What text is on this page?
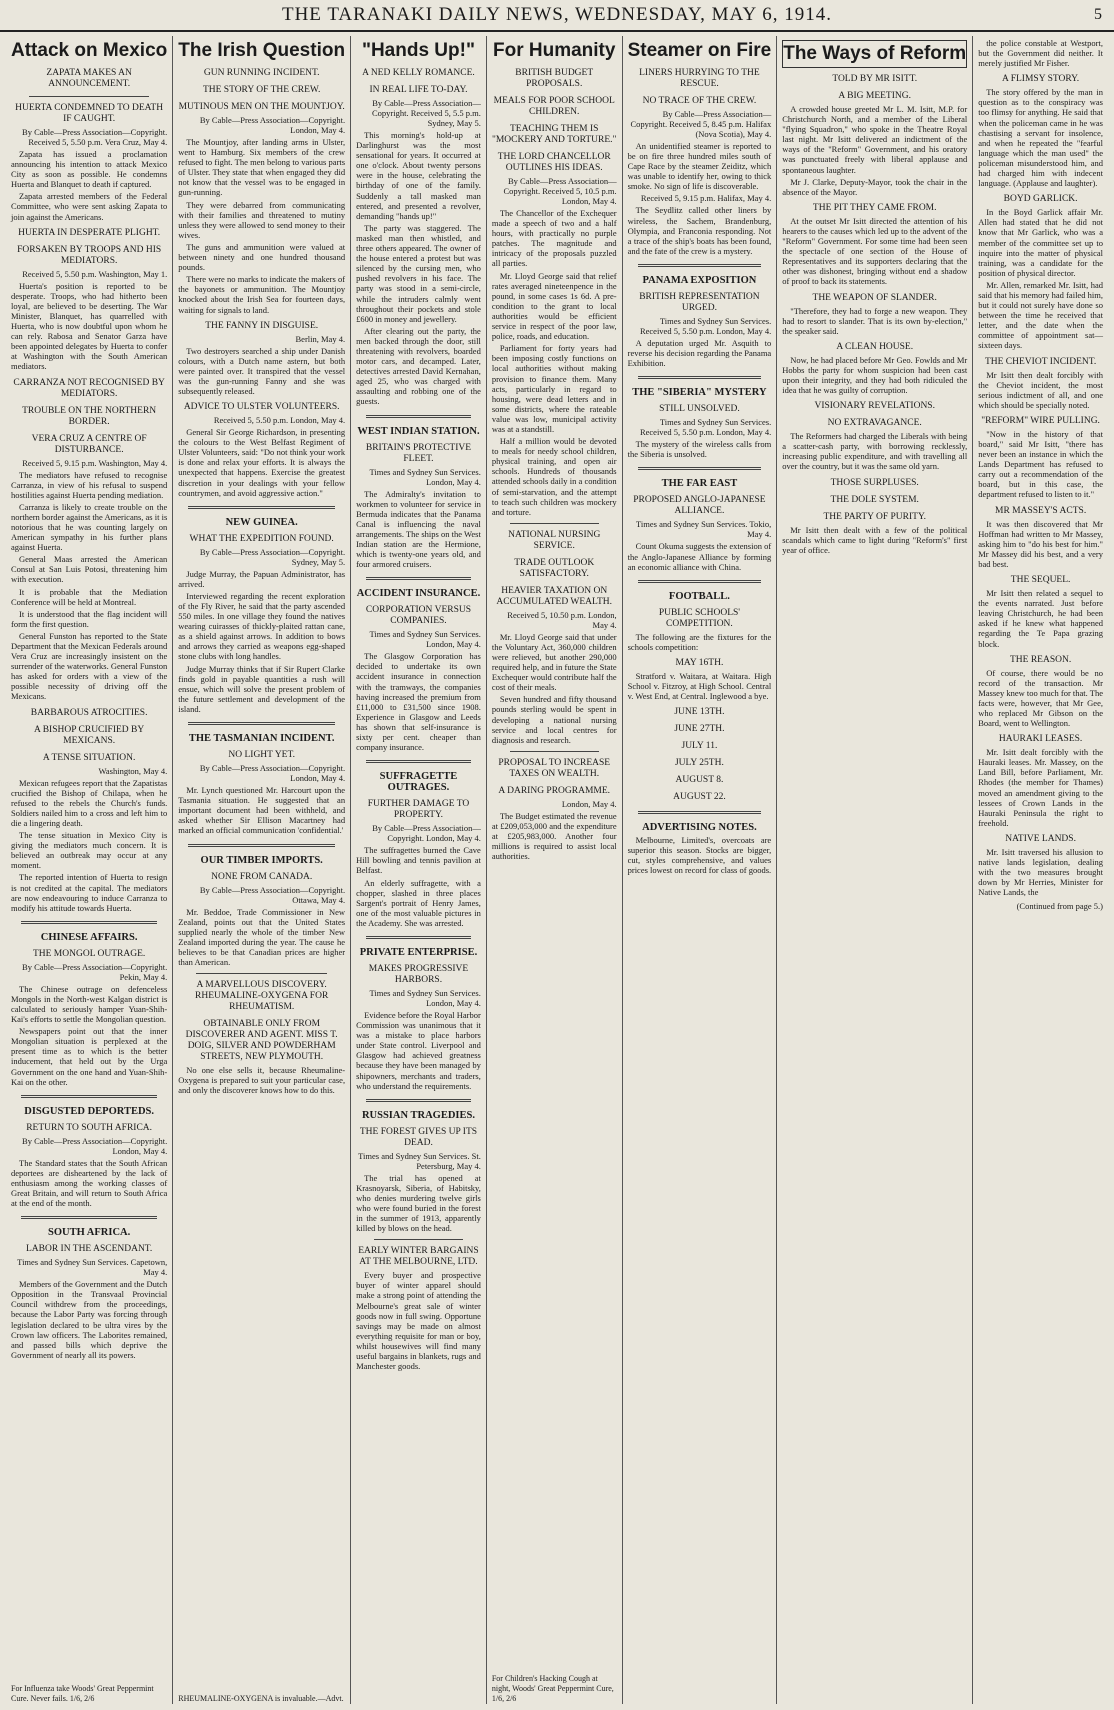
THE TARANAKI DAILY NEWS, WEDNESDAY, MAY 6, 1914.	5
Attack on Mexico
ZAPATA MAKES AN ANNOUNCEMENT.
HUERTA CONDEMNED TO DEATH IF CAUGHT.
By Cable—Press Association—Copyright. Received 5, 5.50 p.m. Vera Cruz, May 4.

Zapata has issued a proclamation announcing his intention to attack Mexico City as soon as possible. He condemns Huerta and Blanquet to death if captured.

Zapata arrested members of the Federal Committee, who were sent asking Zapata to join against the Americans.

HUERTA IN DESPERATE PLIGHT.
FORSAKEN BY TROOPS AND HIS MEDIATORS.
Received 5, 5.50 p.m. Washington, May 1.

Huerta's position is reported to be desperate. Troops, who had hitherto been loyal, are believed to be deserting. The War Minister, Blanquet, has quarrelled with Huerta, who is now doubtful upon whom he can rely. Rabosa and Senator Garza have been appointed delegates by Huerta to confer at Washington with the South American mediators.

CARRANZA NOT RECOGNISED BY MEDIATORS.
TROUBLE ON THE NORTHERN BORDER.
VERA CRUZ A CENTRE OF DISTURBANCE.
Received 5, 9.15 p.m. Washington, May 4.

The mediators have refused to recognise Carranza, in view of his refusal to suspend hostilities against Huerta pending mediation.

Carranza is likely to create trouble on the northern border against the Americans, as it is notorious that he was counting largely on American sympathy in his further plans against Huerta.

General Maas arrested the American Consul at San Luis Potosi, threatening him with execution.

It is probable that the Mediation Conference will be held at Montreal.

It is understood that the flag incident will form the first question.

General Funston has reported to the State Department that the Mexican Federals around Vera Cruz are increasingly insistent on the surrender of the waterworks. General Funston has asked for orders with a view of the possible necessity of driving off the Mexicans.

BARBAROUS ATROCITIES.
A BISHOP CRUCIFIED BY MEXICANS.
A TENSE SITUATION.
Washington, May 4.

Mexican refugees report that the Zapatistas crucified the Bishop of Chilapa, when he refused to the rebels the Church's funds. Soldiers nailed him to a cross and left him to die a lingering death.

The tense situation in Mexico City is giving the mediators much concern. It is believed an outbreak may occur at any moment.

The reported intention of Huerta to resign is not credited at the capital. The mediators are now endeavouring to induce Carranza to modify his attitude towards Huerta.

CHINESE AFFAIRS.
THE MONGOL OUTRAGE.
By Cable—Press Association—Copyright. Pekin, May 4.

The Chinese outrage on defenceless Mongols in the North-west Kalgan district is calculated to seriously hamper Yuan-Shih-Kai's efforts to settle the Mongolian question.

Newspapers point out that the inner Mongolian situation is perplexed at the present time as to which is the better inducement, that held out by the Urga Government on the one hand and Yuan-Shih-Kai on the other.

DISGUSTED DEPORTEDS.
RETURN TO SOUTH AFRICA.
By Cable—Press Association—Copyright. London, May 4.

The Standard states that the South African deportees are disheartened by the lack of enthusiasm among the working classes of Great Britain, and will return to South Africa at the end of the month.

SOUTH AFRICA.
LABOR IN THE ASCENDANT.
Times and Sydney Sun Services. Capetown, May 4.

Members of the Government and the Dutch Opposition in the Transvaal Provincial Council withdrew from the proceedings, because the Labor Party was forcing through legislation declared to be ultra vires by the Crown law officers. The Laborites remained, and passed bills which deprive the Government of nearly all its powers.

For Influenza take Woods' Great Peppermint Cure. Never fails. 1/6, 2/6
The Irish Question
GUN RUNNING INCIDENT.
THE STORY OF THE CREW.
MUTINOUS MEN ON THE MOUNTJOY.
By Cable—Press Association—Copyright. London, May 4.

The Mountjoy, after landing arms in Ulster, went to Hamburg. Six members of the crew refused to fight. The men belong to various parts of Ulster. They state that when engaged they did not know that the vessel was to be engaged in gun-running.

They were debarred from communicating with their families and threatened to mutiny unless they were allowed to send money to their wives.

The guns and ammunition were valued at between ninety and one hundred thousand pounds.

There were no marks to indicate the makers of the bayonets or ammunition. The Mountjoy knocked about the Irish Sea for fourteen days, waiting for signals to land.

THE FANNY IN DISGUISE.
Berlin, May 4.

Two destroyers searched a ship under Danish colours, with a Dutch name astern, but both were painted over. It transpired that the vessel was the gun-running Fanny and she was subsequently released.

ADVICE TO ULSTER VOLUNTEERS.
Received 5, 5.50 p.m. London, May 4.

General Sir George Richardson, in presenting the colours to the West Belfast Regiment of Ulster Volunteers, said: "Do not think your work is done and relax your efforts. It is always the unexpected that happens. Exercise the greatest discretion in your dealings with your fellow countrymen, and avoid aggressive action."

NEW GUINEA.
WHAT THE EXPEDITION FOUND.
By Cable—Press Association—Copyright. Sydney, May 5.

Judge Murray, the Papuan Administrator, has arrived.

Interviewed regarding the recent exploration of the Fly River, he said that the party ascended 550 miles. In one village they found the natives wearing cuirasses of thickly-plaited rattan cane, as a shield against arrows. In addition to bows and arrows they carried as weapons egg-shaped stone clubs with long handles.

Judge Murray thinks that if Sir Rupert Clarke finds gold in payable quantities a rush will ensue, which will solve the present problem of the future settlement and development of the island.

THE TASMANIAN INCIDENT.
NO LIGHT YET.
By Cable—Press Association—Copyright. London, May 4.

Mr. Lynch questioned Mr. Harcourt upon the Tasmania situation. He suggested that an important document had been withheld, and asked whether Sir Ellison Macartney had marked an official communication 'confidential.'

OUR TIMBER IMPORTS.
NONE FROM CANADA.
By Cable—Press Association—Copyright. Ottawa, May 4.

Mr. Beddoe, Trade Commissioner in New Zealand, points out that the United States supplied nearly the whole of the timber New Zealand imported during the year. The cause he believes to be that Canadian prices are higher than American.

A MARVELLOUS DISCOVERY. RHEUMALINE-OXYGENA FOR RHEUMATISM.
OBTAINABLE ONLY FROM DISCOVERER AND AGENT. MISS T. DOIG, SILVER AND POWDERHAM STREETS, NEW PLYMOUTH.

No one else sells it, because Rheumaline-Oxygena is prepared to suit your particular case, and only the discoverer knows how to do this.

RHEUMALINE-OXYGENA is invaluable.—Advt.
"Hands Up!"
A NED KELLY ROMANCE.
IN REAL LIFE TO-DAY.
By Cable—Press Association—Copyright. Received 5, 5.5 p.m. Sydney, May 5.

This morning's hold-up at Darlinghurst was the most sensational for years. It occurred at one o'clock. About twenty persons were in the house, celebrating the birthday of one of the family. Suddenly a tall masked man entered, and presented a revolver, demanding "hands up!"

The party was staggered. The masked man then whistled, and three others appeared. The owner of the house entered a protest but was silenced by the cursing men, who pushed revolvers in his face. The party was stood in a semi-circle, while the intruders calmly went throughout their pockets and stole £600 in money and jewellery.

After clearing out the party, the men backed through the door, still threatening with revolvers, boarded motor cars, and decamped. Later, detectives arrested David Kernahan, aged 25, who was charged with assaulting and robbing one of the guests.

WEST INDIAN STATION.
BRITAIN'S PROTECTIVE FLEET.
Times and Sydney Sun Services. London, May 4.

The Admiralty's invitation to workmen to volunteer for service in Bermuda indicates that the Panama Canal is influencing the naval arrangements. The ships on the West Indian station are the Hermione, which is twenty-one years old, and four armored cruisers.

ACCIDENT INSURANCE.
CORPORATION VERSUS COMPANIES.
Times and Sydney Sun Services. London, May 4.

The Glasgow Corporation has decided to undertake its own accident insurance in connection with the tramways, the companies having increased the premium from £11,000 to £31,500 since 1908. Experience in Glasgow and Leeds has shown that self-insurance is sixty per cent. cheaper than company insurance.

SUFFRAGETTE OUTRAGES.
FURTHER DAMAGE TO PROPERTY.
By Cable—Press Association—Copyright. London, May 4.

The suffragettes burned the Cave Hill bowling and tennis pavilion at Belfast.

An elderly suffragette, with a chopper, slashed in three places Sargent's portrait of Henry James, one of the most valuable pictures in the Academy. She was arrested.

PRIVATE ENTERPRISE.
MAKES PROGRESSIVE HARBORS.
Times and Sydney Sun Services. London, May 4.

Evidence before the Royal Harbor Commission was unanimous that it was a mistake to place harbors under State control. Liverpool and Glasgow had achieved greatness because they have been managed by shipowners, merchants and traders, who understand the requirements.

RUSSIAN TRAGEDIES.
THE FOREST GIVES UP ITS DEAD.
Times and Sydney Sun Services. St. Petersburg, May 4.

The trial has opened at Krasnoyarsk, Siberia, of Habitsky, who denies murdering twelve girls who were found buried in the forest in the summer of 1913, apparently killed by blows on the head.

EARLY WINTER BARGAINS AT THE MELBOURNE, LTD.

Every buyer and prospective buyer of winter apparel should make a strong point of attending the Melbourne's great sale of winter goods now in full swing. Opportune savings may be made on almost everything requisite for man or boy, whilst housewives will find many useful bargains in blankets, rugs and Manchester goods.

For Humanity
BRITISH BUDGET PROPOSALS.
MEALS FOR POOR SCHOOL CHILDREN.
TEACHING THEM IS "MOCKERY AND TORTURE."
THE LORD CHANCELLOR OUTLINES HIS IDEAS.
By Cable—Press Association—Copyright. Received 5, 10.5 p.m. London, May 4.

The Chancellor of the Exchequer made a speech of two and a half hours, with practically no purple patches. The magnitude and intricacy of the proposals puzzled all parties.

Mr. Lloyd George said that relief rates averaged nineteenpence in the pound, in some cases 1s 6d. A pre-condition to the grant to local authorities would be efficient service in respect of the poor law, police, roads, and education.

Parliament for forty years had been imposing costly functions on local authorities without making provision to finance them. Many acts, particularly in regard to housing, were dead letters and in some districts, where the rateable value was low, municipal activity was at a standstill.

Half a million would be devoted to meals for needy school children, physical training, and open air schools. Hundreds of thousands attended schools daily in a condition of semi-starvation, and the attempt to teach such children was mockery and torture.

NATIONAL NURSING SERVICE.
TRADE OUTLOOK SATISFACTORY.
HEAVIER TAXATION ON ACCUMULATED WEALTH.
Received 5, 10.50 p.m. London, May 4.

Mr. Lloyd George said that under the Voluntary Act, 360,000 children were relieved, but another 290,000 required help, and in future the State Exchequer would contribute half the cost of their meals.

Seven hundred and fifty thousand pounds sterling would be spent in developing a national nursing service and local centres for diagnosis and research.

PROPOSAL TO INCREASE TAXES ON WEALTH.
A DARING PROGRAMME.
London, May 4.

The Budget estimated the revenue at £209,053,000 and the expenditure at £205,983,000. Another four millions is required to assist local authorities.

For Children's Hacking Cough at night, Woods' Great Peppermint Cure, 1/6, 2/6
Steamer on Fire
LINERS HURRYING TO THE RESCUE.
NO TRACE OF THE CREW.
By Cable—Press Association—Copyright. Received 5, 8.45 p.m. Halifax (Nova Scotia), May 4.

An unidentified steamer is reported to be on fire three hundred miles south of Cape Race by the steamer Zeiditz, which was unable to identify her, owing to thick smoke. No sign of life is discoverable.

Received 5, 9.15 p.m. Halifax, May 4.

The Seydlitz called other liners by wireless, the Sachem, Brandenburg, Olympia, and Franconia responding. Not a trace of the ship's boats has been found, and the fate of the crew is a mystery.

PANAMA EXPOSITION
BRITISH REPRESENTATION URGED.
Times and Sydney Sun Services. Received 5, 5.50 p.m. London, May 4.

A deputation urged Mr. Asquith to reverse his decision regarding the Panama Exhibition.

THE "SIBERIA" MYSTERY
STILL UNSOLVED.
Times and Sydney Sun Services. Received 5, 5.50 p.m. London, May 4.

The mystery of the wireless calls from the Siberia is unsolved.

THE FAR EAST
PROPOSED ANGLO-JAPANESE ALLIANCE.
Times and Sydney Sun Services. Tokio, May 4.

Count Okuma suggests the extension of the Anglo-Japanese Alliance by forming an economic alliance with China.

FOOTBALL.
PUBLIC SCHOOLS' COMPETITION.

The following are the fixtures for the schools competition:

MAY 16TH.

Stratford v. Waitara, at Waitara. High School v. Fitzroy, at High School. Central v. West End, at Central. Inglewood a bye.

JUNE 13TH.
JUNE 27TH.
JULY 11.
JULY 25TH.
AUGUST 8.
AUGUST 22.
ADVERTISING NOTES.

Melbourne, Limited's, overcoats are superior this season. Stocks are bigger, cut, styles comprehensive, and values prices lowest on record for class of goods.

The Ways of Reform
TOLD BY MR ISITT.
A BIG MEETING.

A crowded house greeted Mr L. M. Isitt, M.P. for Christchurch North, and a member of the Liberal "flying Squadron," who spoke in the Theatre Royal last night. Mr Isitt delivered an indictment of the ways of the "Reform" Government, and his oratory was punctuated freely with liberal applause and spontaneous laughter.

Mr J. Clarke, Deputy-Mayor, took the chair in the absence of the Mayor.

THE PIT THEY CAME FROM.

At the outset Mr Isitt directed the attention of his hearers to the causes which led up to the advent of the "Reform" Government. For some time had been seen the spectacle of one section of the House of Representatives and its supporters declaring that the other was dishonest, bringing without end a shadow of proof to back its statements.

THE WEAPON OF SLANDER.

"Therefore, they had to forge a new weapon. They had to resort to slander. That is its own by-election," the speaker said.

A CLEAN HOUSE.

Now, he had placed before Mr Geo. Fowlds and Mr Hobbs the party for whom suspicion had been cast upon their integrity, and they had both ridiculed the idea that he was guilty of corruption.

VISIONARY REVELATIONS.
NO EXTRAVAGANCE.

The Reformers had charged the Liberals with being a scatter-cash party, with borrowing recklessly, increasing public expenditure, and with travelling all over the country, but it was the same old yarn.

THOSE SURPLUSES.
THE DOLE SYSTEM.
THE PARTY OF PURITY.

Mr Isitt then dealt with a few of the political scandals which came to light during "Reform's" first year of office.

the police constable at Westport, but the Government did neither. It merely justified Mr Fisher.

A FLIMSY STORY.

The story offered by the man in question as to the conspiracy was too flimsy for anything. He said that when the policeman came in he was chastising a servant for insolence, and when he repeated the "fearful language which the man used" the policeman misunderstood him, and had charged him with indecent language. (Applause and laughter).

BOYD GARLICK.

In the Boyd Garlick affair Mr. Allen had stated that he did not know that Mr Garlick, who was a member of the committee set up to inquire into the matter of physical training, was a candidate for the position of physical director.

Mr. Allen, remarked Mr. Isitt, had said that his memory had failed him, but it could not surely have done so between the time he received that letter, and the date when the committee of appointment sat—sixteen days.

THE CHEVIOT INCIDENT.

Mr Isitt then dealt forcibly with the Cheviot incident, the most serious indictment of all, and one which should be specially noted.

"REFORM" WIRE PULLING.

"Now in the history of that board," said Mr Isitt, "there has never been an instance in which the Lands Department has refused to carry out a recommendation of the board, but in this case, the department refused to listen to it."

MR MASSEY'S ACTS.

It was then discovered that Mr Hoffman had written to Mr Massey, asking him to "do his best for him." Mr Massey did his best, and a very bad best.

THE SEQUEL.

Mr Isitt then related a sequel to the events narrated. Just before leaving Christchurch, he had been asked if he knew what happened regarding the Te Papa grazing block.

THE REASON.

Of course, there would be no record of the transaction. Mr Massey knew too much for that. The facts were, however, that Mr Gee, who replaced Mr Gibson on the Board, went to Wellington.

HAURAKI LEASES.

Mr. Isitt dealt forcibly with the Hauraki leases. Mr. Massey, on the Land Bill, before Parliament, Mr. Rhodes (the member for Thames) moved an amendment giving to the lessees of Crown Lands in the Hauraki Peninsula the right to freehold.

NATIVE LANDS.

Mr. Isitt traversed his allusion to native lands legislation, dealing with the two measures brought down by Mr Herries, Minister for Native Lands, the

(Continued from page 5.)
